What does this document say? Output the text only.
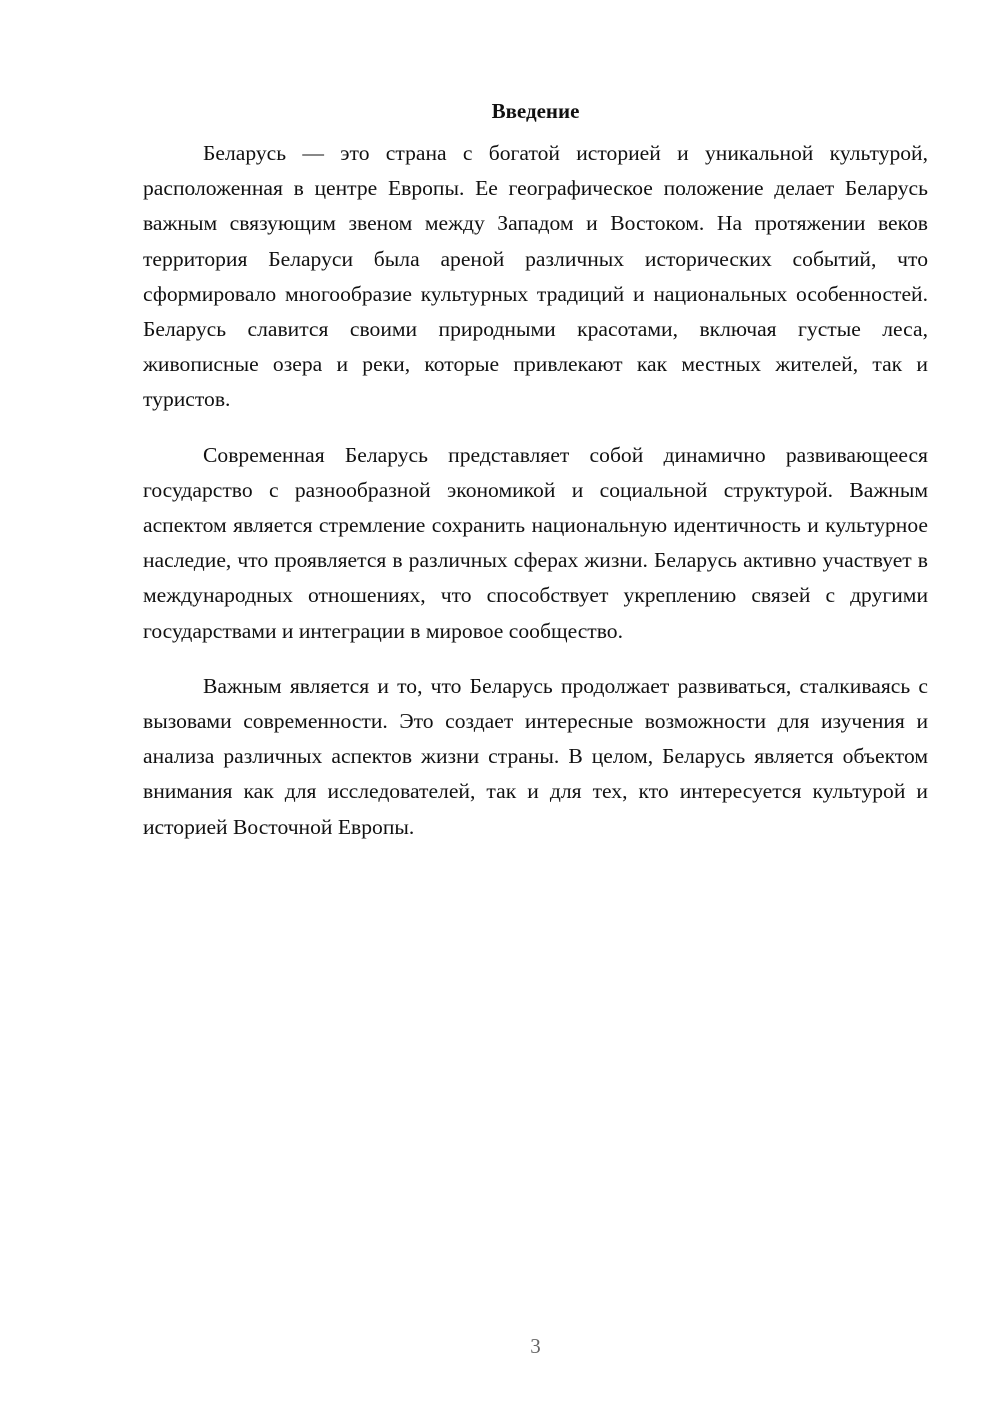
Введение

Беларусь — это страна с богатой историей и уникальной культурой, расположенная в центре Европы. Ее географическое положение делает Беларусь важным связующим звеном между Западом и Востоком. На протяжении веков территория Беларуси была ареной различных исторических событий, что сформировало многообразие культурных традиций и национальных особенностей. Беларусь славится своими природными красотами, включая густые леса, живописные озера и реки, которые привлекают как местных жителей, так и туристов.

Современная Беларусь представляет собой динамично развивающееся государство с разнообразной экономикой и социальной структурой. Важным аспектом является стремление сохранить национальную идентичность и культурное наследие, что проявляется в различных сферах жизни. Беларусь активно участвует в международных отношениях, что способствует укреплению связей с другими государствами и интеграции в мировое сообщество.

Важным является и то, что Беларусь продолжает развиваться, сталкиваясь с вызовами современности. Это создает интересные возможности для изучения и анализа различных аспектов жизни страны. В целом, Беларусь является объектом внимания как для исследователей, так и для тех, кто интересуется культурой и историей Восточной Европы.

3
